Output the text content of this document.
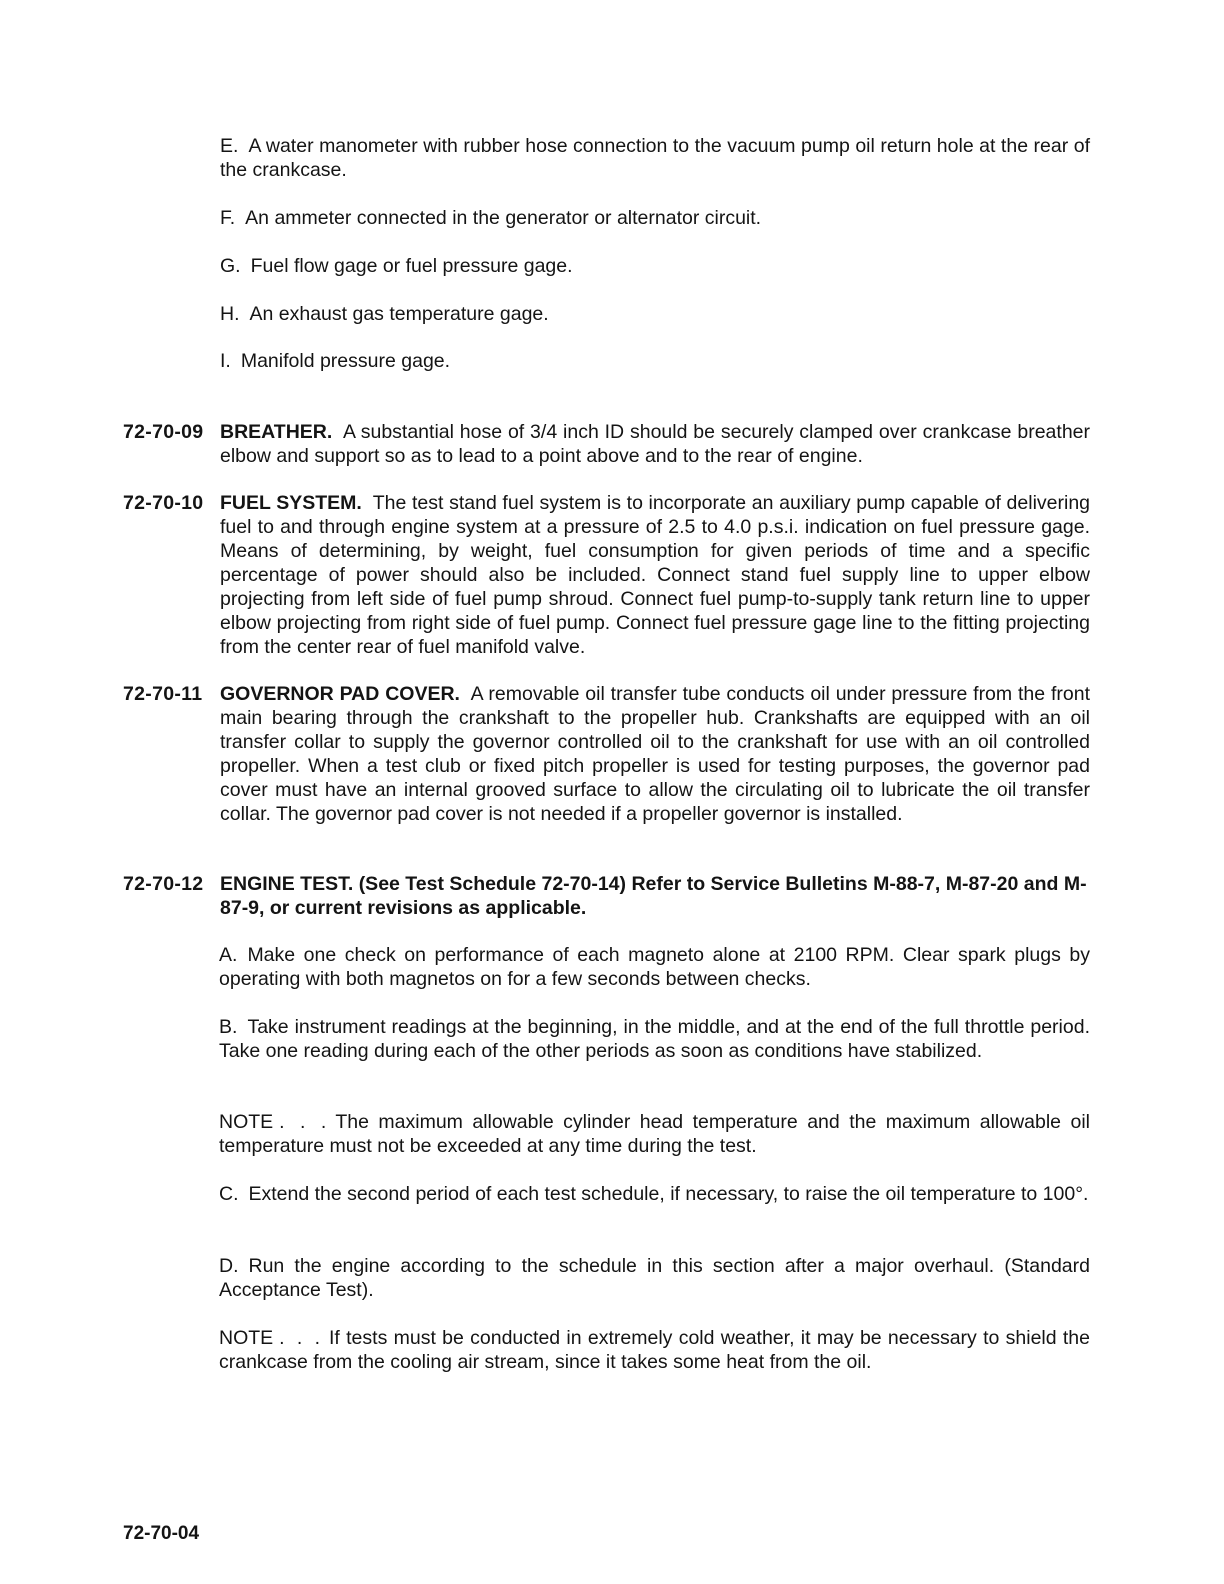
E. A water manometer with rubber hose connection to the vacuum pump oil return hole at the rear of the crankcase.
F. An ammeter connected in the generator or alternator circuit.
G. Fuel flow gage or fuel pressure gage.
H. An exhaust gas temperature gage.
I. Manifold pressure gage.
72-70-09 BREATHER. A substantial hose of 3/4 inch ID should be securely clamped over crankcase breather elbow and support so as to lead to a point above and to the rear of engine.
72-70-10 FUEL SYSTEM. The test stand fuel system is to incorporate an auxiliary pump capable of delivering fuel to and through engine system at a pressure of 2.5 to 4.0 p.s.i. indication on fuel pressure gage. Means of determining, by weight, fuel consumption for given periods of time and a specific percentage of power should also be included. Connect stand fuel supply line to upper elbow projecting from left side of fuel pump shroud. Connect fuel pump-to-supply tank return line to upper elbow projecting from right side of fuel pump. Connect fuel pressure gage line to the fitting projecting from the center rear of fuel manifold valve.
72-70-11 GOVERNOR PAD COVER. A removable oil transfer tube conducts oil under pressure from the front main bearing through the crankshaft to the propeller hub. Crankshafts are equipped with an oil transfer collar to supply the governor controlled oil to the crankshaft for use with an oil controlled propeller. When a test club or fixed pitch propeller is used for testing purposes, the governor pad cover must have an internal grooved surface to allow the circulating oil to lubricate the oil transfer collar. The governor pad cover is not needed if a propeller governor is installed.
72-70-12 ENGINE TEST. (See Test Schedule 72-70-14) Refer to Service Bulletins M-88-7, M-87-20 and M-87-9, or current revisions as applicable.
A. Make one check on performance of each magneto alone at 2100 RPM. Clear spark plugs by operating with both magnetos on for a few seconds between checks.
B. Take instrument readings at the beginning, in the middle, and at the end of the full throttle period. Take one reading during each of the other periods as soon as conditions have stabilized.
NOTE . . . The maximum allowable cylinder head temperature and the maximum allowable oil temperature must not be exceeded at any time during the test.
C. Extend the second period of each test schedule, if necessary, to raise the oil temperature to 100°.
D. Run the engine according to the schedule in this section after a major overhaul. (Standard Acceptance Test).
NOTE . . . If tests must be conducted in extremely cold weather, it may be necessary to shield the crankcase from the cooling air stream, since it takes some heat from the oil.
72-70-04
